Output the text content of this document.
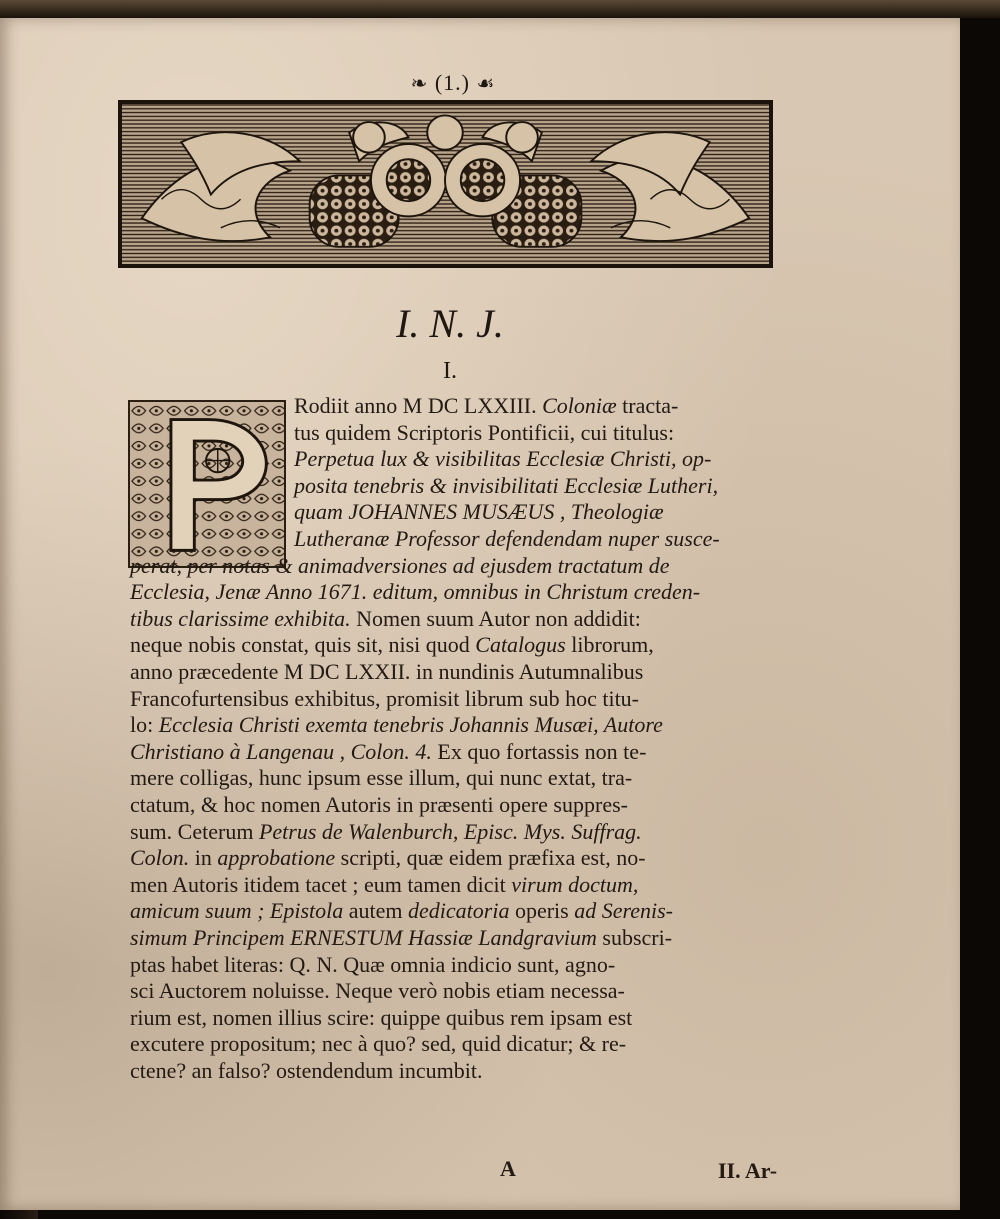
❧ (1.) ☙
I. N. J.
I.
Rodiit anno M DC LXXIII. Coloniæ tracta-
tus quidem Scriptoris Pontificii, cui titulus:
Perpetua lux & visibilitas Ecclesiæ Christi, op-
posita tenebris & invisibilitati Ecclesiæ Lutheri,
quam JOHANNES MUSÆUS , Theologiæ
Lutheranæ Professor defendendam nuper susce-
perat, per notas & animadversiones ad ejusdem tractatum de
Ecclesia, Jenæ Anno 1671. editum, omnibus in Christum creden-
tibus clarissime exhibita. Nomen suum Autor non addidit:
neque nobis constat, quis sit, nisi quod Catalogus librorum,
anno præcedente M DC LXXII. in nundinis Autumnalibus
Francofurtensibus exhibitus, promisit librum sub hoc titu-
lo: Ecclesia Christi exemta tenebris Johannis Musæi, Autore
Christiano à Langenau , Colon. 4. Ex quo fortassis non te-
mere colligas, hunc ipsum esse illum, qui nunc extat, tra-
ctatum, & hoc nomen Autoris in præsenti opere suppres-
sum. Ceterum Petrus de Walenburch, Episc. Mys. Suffrag.
Colon. in approbatione scripti, quæ eidem præfixa est, no-
men Autoris itidem tacet ; eum tamen dicit virum doctum,
amicum suum ; Epistola autem dedicatoria operis ad Serenis-
simum Principem ERNESTUM Hassiæ Landgravium subscri-
ptas habet literas: Q. N. Quæ omnia indicio sunt, agno-
sci Auctorem noluisse. Neque verò nobis etiam necessa-
rium est, nomen illius scire: quippe quibus rem ipsam est
excutere propositum; nec à quo? sed, quid dicatur; & re-
ctene? an falso? ostendendum incumbit.
A	II. Ar-
